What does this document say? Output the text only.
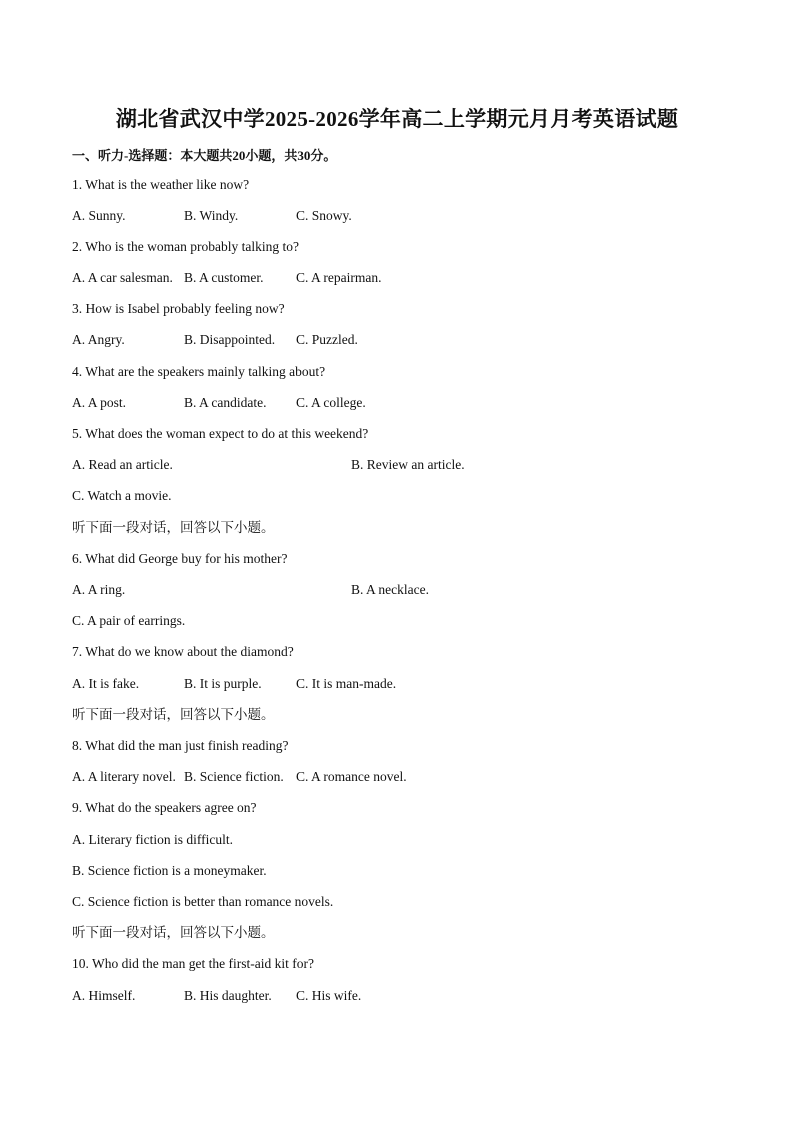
湖北省武汉中学2025-2026学年高二上学期元月月考英语试题
一、听力-选择题：本大题共20小题，共30分。
1. What is the weather like now?
A. Sunny.	B. Windy.	C. Snowy.
2. Who is the woman probably talking to?
A. A car salesman. B. A customer. C. A repairman.
3. How is Isabel probably feeling now?
A. Angry.	B. Disappointed. C. Puzzled.
4. What are the speakers mainly talking about?
A. A post.	B. A candidate. C. A college.
5. What does the woman expect to do at this weekend?
A. Read an article.	B. Review an article.
C. Watch a movie.
听下面一段对话，回答以下小题。
6. What did George buy for his mother?
A. A ring.	B. A necklace.
C. A pair of earrings.
7. What do we know about the diamond?
A. It is fake.	B. It is purple.	C. It is man-made.
听下面一段对话，回答以下小题。
8. What did the man just finish reading?
A. A literary novel. B. Science fiction. C. A romance novel.
9. What do the speakers agree on?
A. Literary fiction is difficult.
B. Science fiction is a moneymaker.
C. Science fiction is better than romance novels.
听下面一段对话，回答以下小题。
10. Who did the man get the first-aid kit for?
A. Himself.	B. His daughter. C. His wife.
